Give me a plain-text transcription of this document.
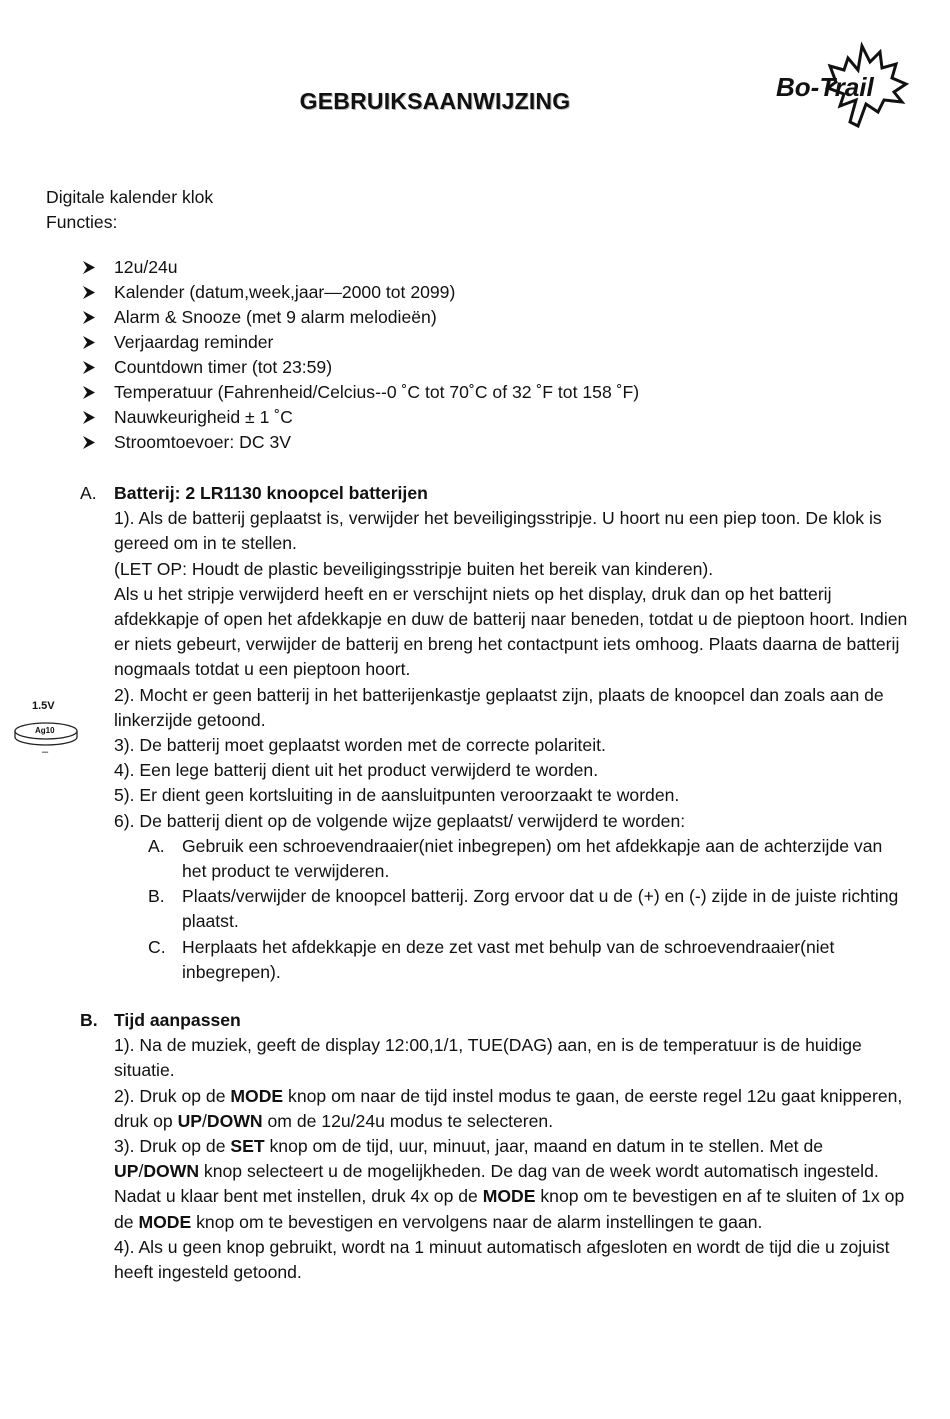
GEBRUIKSAANWIJZING	Bo-Trail
Digitale kalender klok
Functies:
12u/24u
Kalender (datum,week,jaar—2000 tot 2099)
Alarm & Snooze (met 9 alarm melodieën)
Verjaardag reminder
Countdown timer (tot 23:59)
Temperatuur (Fahrenheid/Celcius--0 ˚C tot 70˚C of 32 ˚F tot 158 ˚F)
Nauwkeurigheid ± 1 ˚C
Stroomtoevoer: DC 3V
1.5V
Ag10
–
A. Batterij: 2 LR1130 knoopcel batterijen
1). Als de batterij geplaatst is, verwijder het beveiligingsstripje. U hoort nu een piep toon. De klok is gereed om in te stellen.
(LET OP: Houdt de plastic beveiligingsstripje buiten het bereik van kinderen).
Als u het stripje verwijderd heeft en er verschijnt niets op het display, druk dan op het batterij afdekkapje of open het afdekkapje en duw de batterij naar beneden, totdat u de pieptoon hoort. Indien er niets gebeurt, verwijder de batterij en breng het contactpunt iets omhoog. Plaats daarna de batterij nogmaals totdat u een pieptoon hoort.
2). Mocht er geen batterij in het batterijenkastje geplaatst zijn, plaats de knoopcel dan zoals aan de linkerzijde getoond.
3). De batterij moet geplaatst worden met de correcte polariteit.
4). Een lege batterij dient uit het product verwijderd te worden.
5). Er dient geen kortsluiting in de aansluitpunten veroorzaakt te worden.
6). De batterij dient op de volgende wijze geplaatst/ verwijderd te worden:
A. Gebruik een schroevendraaier(niet inbegrepen) om het afdekkapje aan de achterzijde van het product te verwijderen.
B. Plaats/verwijder de knoopcel batterij. Zorg ervoor dat u de (+) en (-) zijde in de juiste richting plaatst.
C. Herplaats het afdekkapje en deze zet vast met behulp van de schroevendraaier(niet inbegrepen).
B. Tijd aanpassen
1). Na de muziek, geeft de display 12:00,1/1, TUE(DAG) aan, en is de temperatuur is de huidige situatie.
2). Druk op de MODE knop om naar de tijd instel modus te gaan, de eerste regel 12u gaat knipperen, druk op UP/DOWN om de 12u/24u modus te selecteren.
3). Druk op de SET knop om de tijd, uur, minuut, jaar, maand en datum in te stellen. Met de UP/DOWN knop selecteert u de mogelijkheden. De dag van de week wordt automatisch ingesteld. Nadat u klaar bent met instellen, druk 4x op de MODE knop om te bevestigen en af te sluiten of 1x op de MODE knop om te bevestigen en vervolgens naar de alarm instellingen te gaan.
4). Als u geen knop gebruikt, wordt na 1 minuut automatisch afgesloten en wordt de tijd die u zojuist heeft ingesteld getoond.
